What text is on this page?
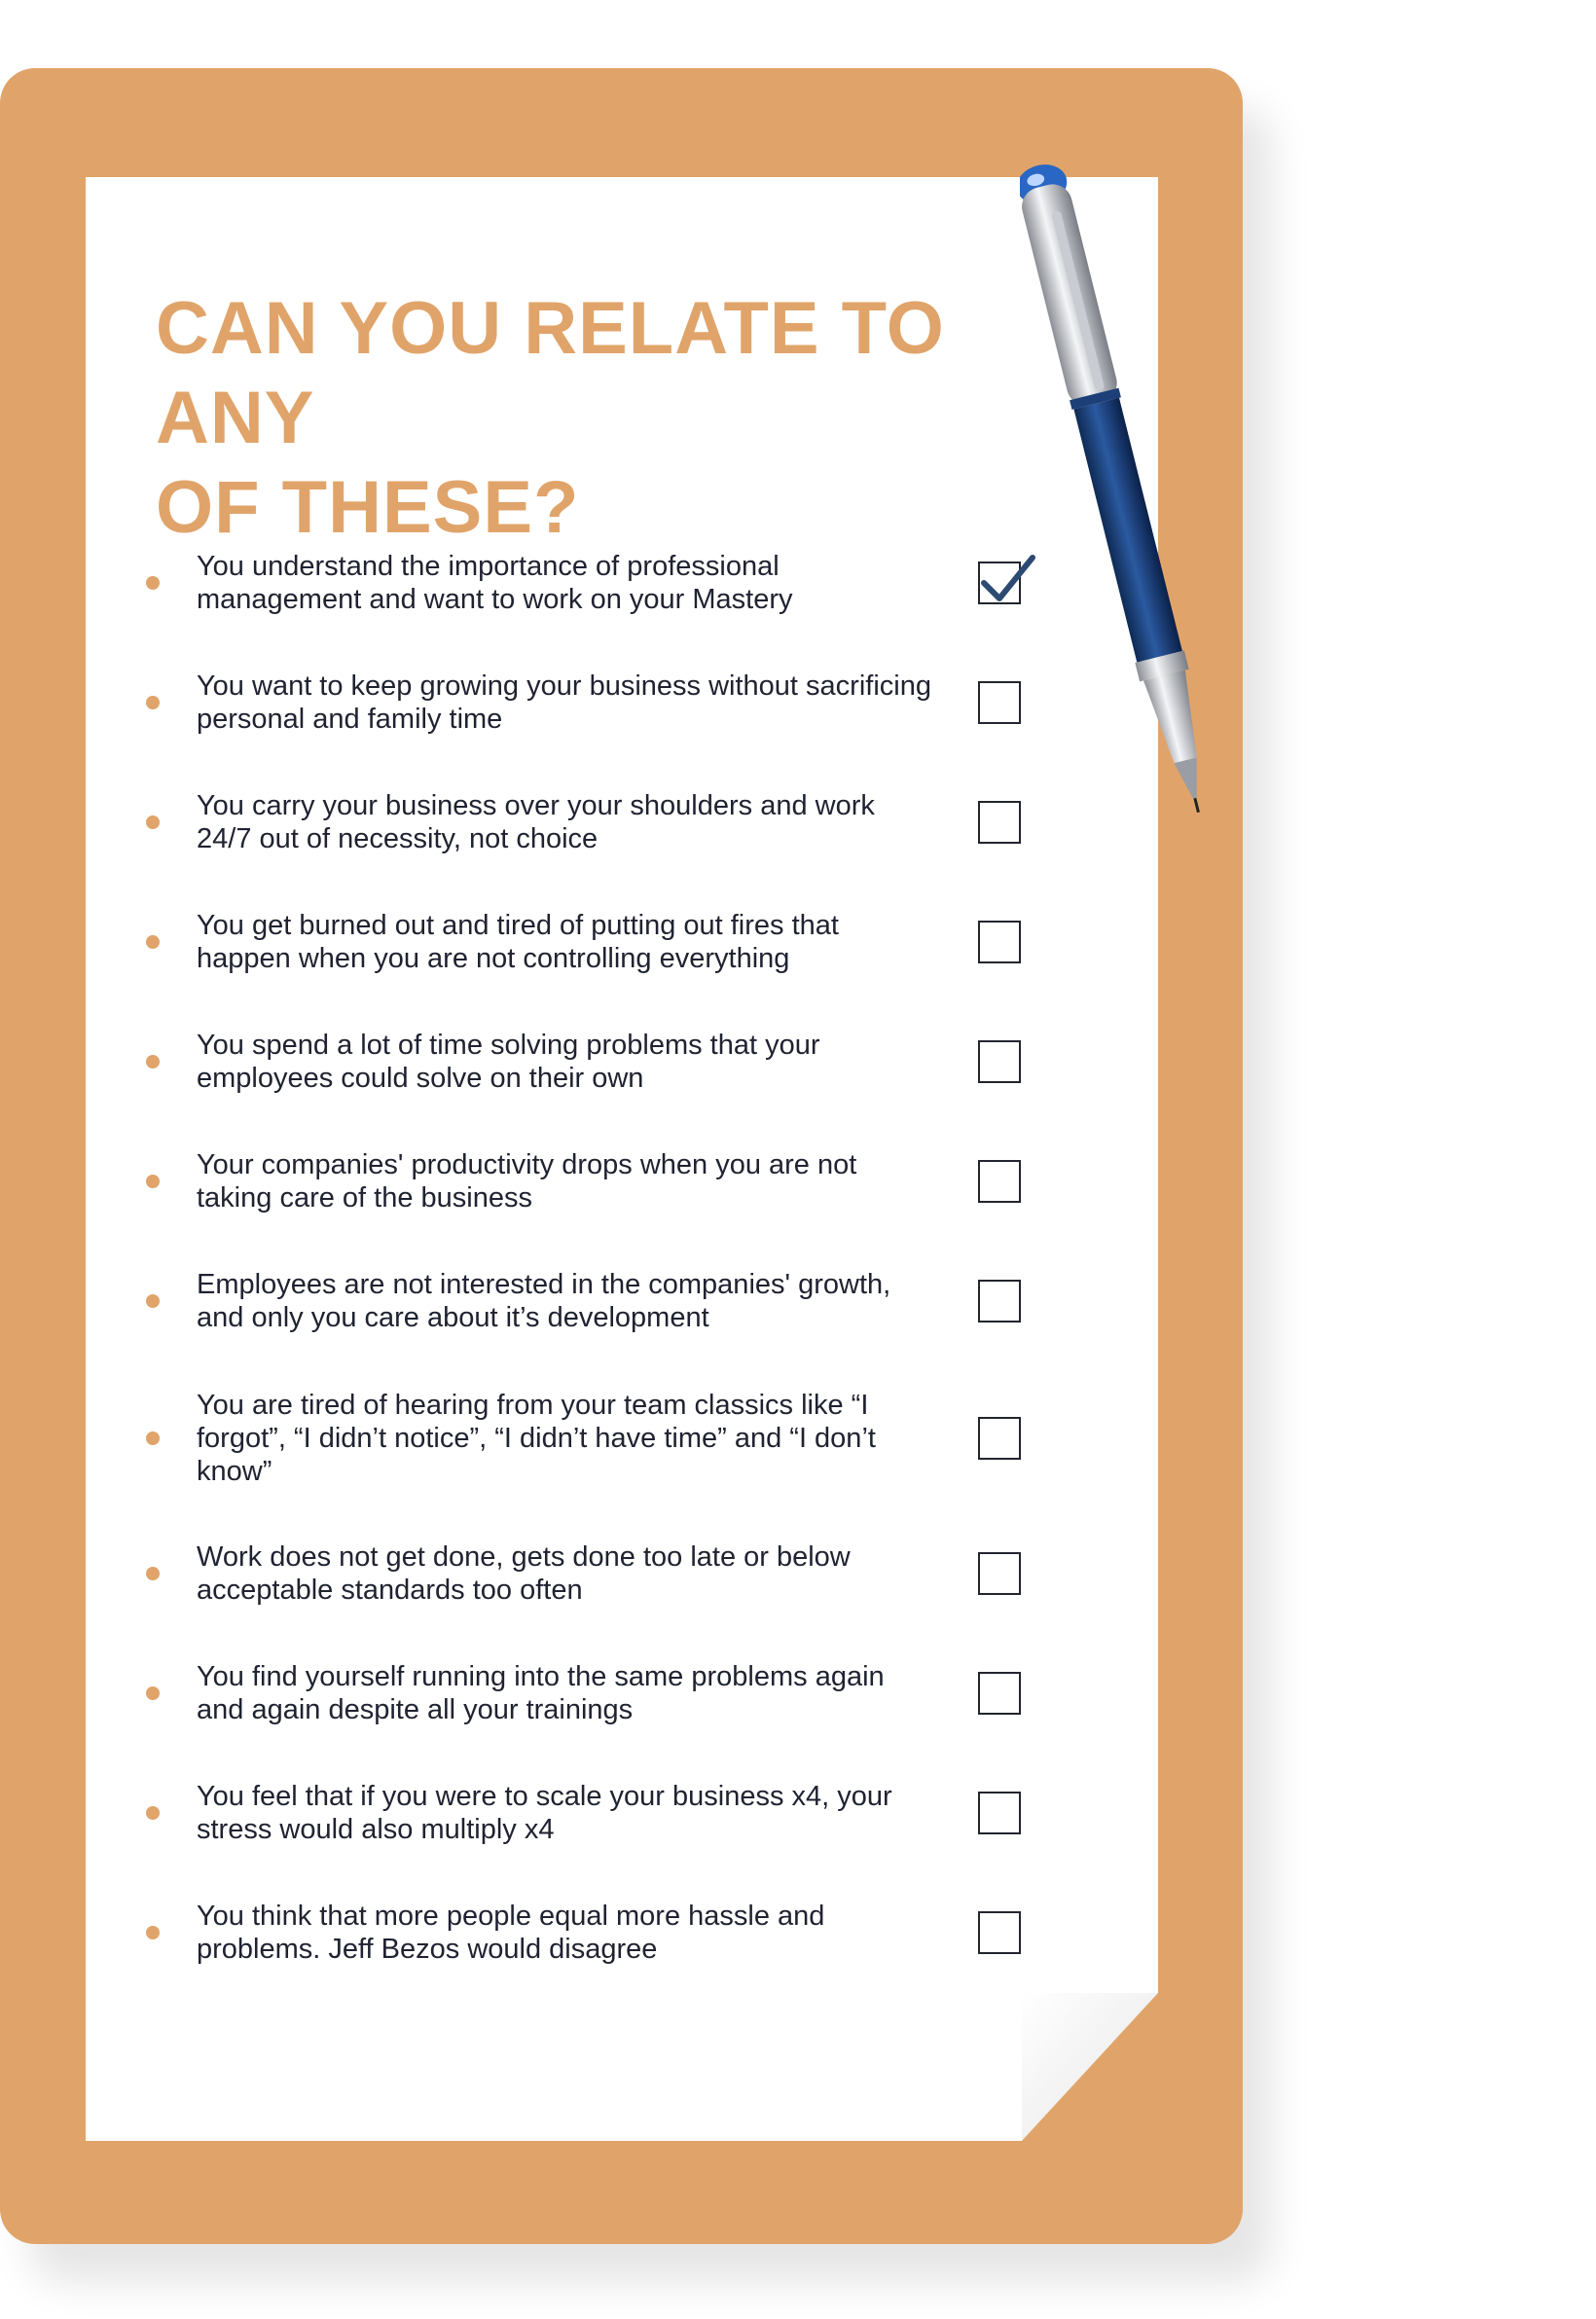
CAN YOU RELATE TO ANY
OF THESE?
You understand the importance of professional management and want to work on your Mastery
You want to keep growing your business without sacrificing personal and family time
You carry your business over your shoulders and work 24/7 out of necessity, not choice
You get burned out and tired of putting out fires that happen when you are not controlling everything
You spend a lot of time solving problems that your employees could solve on their own
Your companies' productivity drops when you are not taking care of the business
Employees are not interested in the companies' growth, and only you care about it’s development
You are tired of hearing from your team classics like “I forgot”, “I didn’t notice”, “I didn’t have time” and “I don’t know”
Work does not get done, gets done too late or below acceptable standards too often
You find yourself running into the same problems again and again despite all your trainings
You feel that if you were to scale your business x4, your stress would also multiply x4
You think that more people equal more hassle and problems. Jeff Bezos would disagree
